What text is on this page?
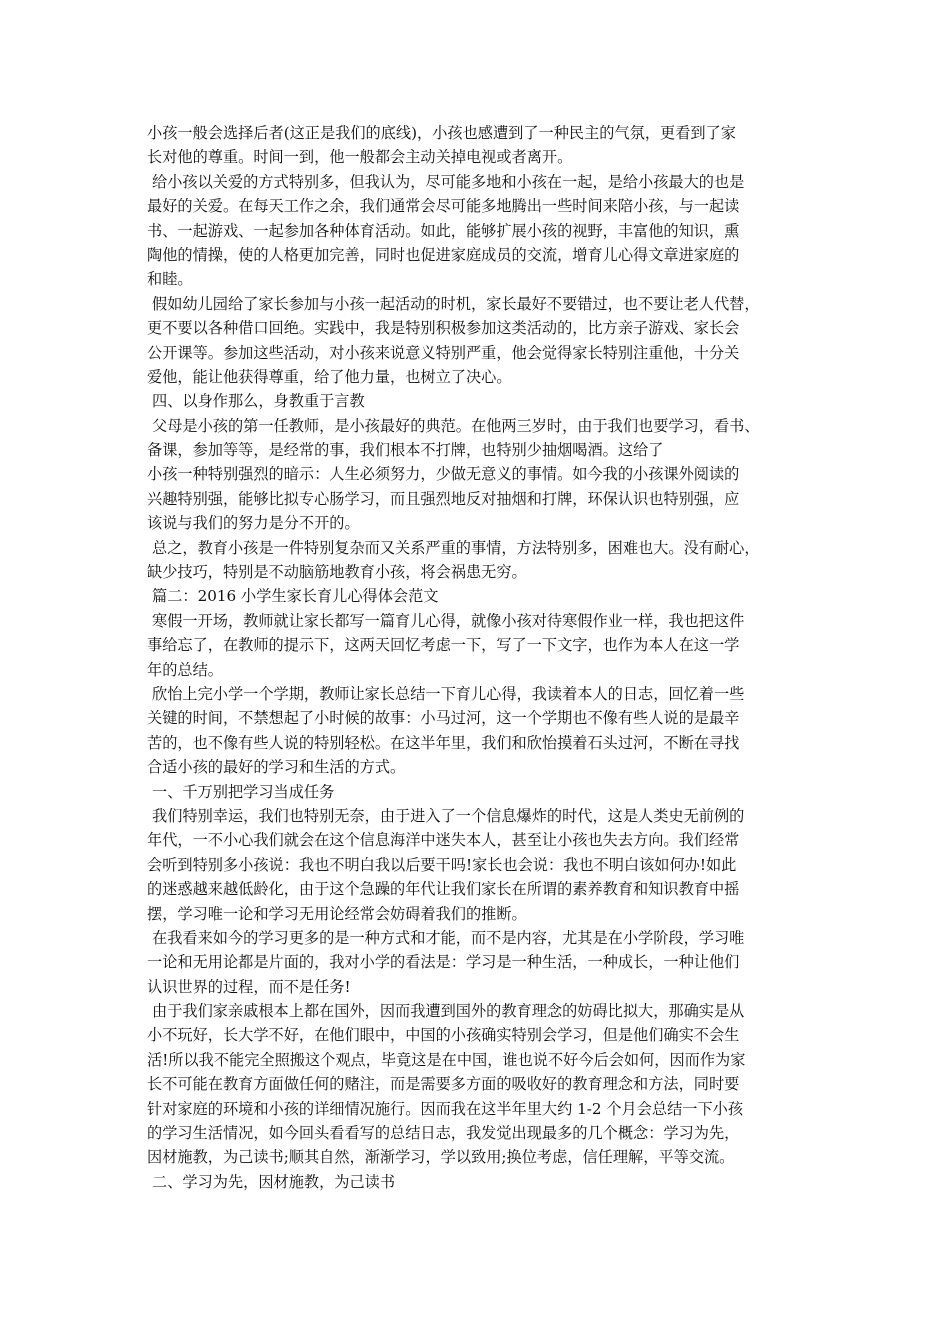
小孩一般会选择后者(这正是我们的底线)，小孩也感遭到了一种民主的气氛，更看到了家
长对他的尊重。时间一到，他一般都会主动关掉电视或者离开。
给小孩以关爱的方式特别多，但我认为，尽可能多地和小孩在一起，是给小孩最大的也是
最好的关爱。在每天工作之余，我们通常会尽可能多地腾出一些时间来陪小孩，与一起读
书、一起游戏、一起参加各种体育活动。如此，能够扩展小孩的视野，丰富他的知识，熏
陶他的情操，使的人格更加完善，同时也促进家庭成员的交流，增育儿心得文章进家庭的
和睦。
假如幼儿园给了家长参加与小孩一起活动的时机，家长最好不要错过，也不要让老人代替，
更不要以各种借口回绝。实践中，我是特别积极参加这类活动的，比方亲子游戏、家长会
公开课等。参加这些活动，对小孩来说意义特别严重，他会觉得家长特别注重他，十分关
爱他，能让他获得尊重，给了他力量，也树立了决心。
四、以身作那么，身教重于言教
父母是小孩的第一任教师，是小孩最好的典范。在他两三岁时，由于我们也要学习，看书、
备课，参加等等，是经常的事，我们根本不打牌，也特别少抽烟喝酒。这给了
小孩一种特别强烈的暗示：人生必须努力，少做无意义的事情。如今我的小孩课外阅读的
兴趣特别强，能够比拟专心肠学习，而且强烈地反对抽烟和打牌，环保认识也特别强，应
该说与我们的努力是分不开的。
总之，教育小孩是一件特别复杂而又关系严重的事情，方法特别多，困难也大。没有耐心，
缺少技巧，特别是不动脑筋地教育小孩，将会祸患无穷。
篇二：2016 小学生家长育儿心得体会范文
寒假一开场，教师就让家长都写一篇育儿心得，就像小孩对待寒假作业一样，我也把这件
事给忘了，在教师的提示下，这两天回忆考虑一下，写了一下文字，也作为本人在这一学
年的总结。
欣怡上完小学一个学期，教师让家长总结一下育儿心得，我读着本人的日志，回忆着一些
关键的时间，不禁想起了小时候的故事：小马过河，这一个学期也不像有些人说的是最辛
苦的，也不像有些人说的特别轻松。在这半年里，我们和欣怡摸着石头过河，不断在寻找
合适小孩的最好的学习和生活的方式。
一、千万别把学习当成任务
我们特别幸运，我们也特别无奈，由于进入了一个信息爆炸的时代，这是人类史无前例的
年代，一不小心我们就会在这个信息海洋中迷失本人，甚至让小孩也失去方向。我们经常
会听到特别多小孩说：我也不明白我以后要干吗!家长也会说：我也不明白该如何办!如此
的迷惑越来越低龄化，由于这个急躁的年代让我们家长在所谓的素养教育和知识教育中摇
摆，学习唯一论和学习无用论经常会妨碍着我们的推断。
在我看来如今的学习更多的是一种方式和才能，而不是内容，尤其是在小学阶段，学习唯
一论和无用论都是片面的，我对小学的看法是：学习是一种生活，一种成长，一种让他们
认识世界的过程，而不是任务!
由于我们家亲戚根本上都在国外，因而我遭到国外的教育理念的妨碍比拟大，那确实是从
小不玩好，长大学不好，在他们眼中，中国的小孩确实特别会学习，但是他们确实不会生
活!所以我不能完全照搬这个观点，毕竟这是在中国，谁也说不好今后会如何，因而作为家
长不可能在教育方面做任何的赌注，而是需要多方面的吸收好的教育理念和方法，同时要
针对家庭的环境和小孩的详细情况施行。因而我在这半年里大约 1-2 个月会总结一下小孩
的学习生活情况，如今回头看看写的总结日志，我发觉出现最多的几个概念：学习为先，
因材施教，为己读书;顺其自然，渐渐学习，学以致用;换位考虑，信任理解，平等交流。
二、学习为先，因材施教，为己读书
